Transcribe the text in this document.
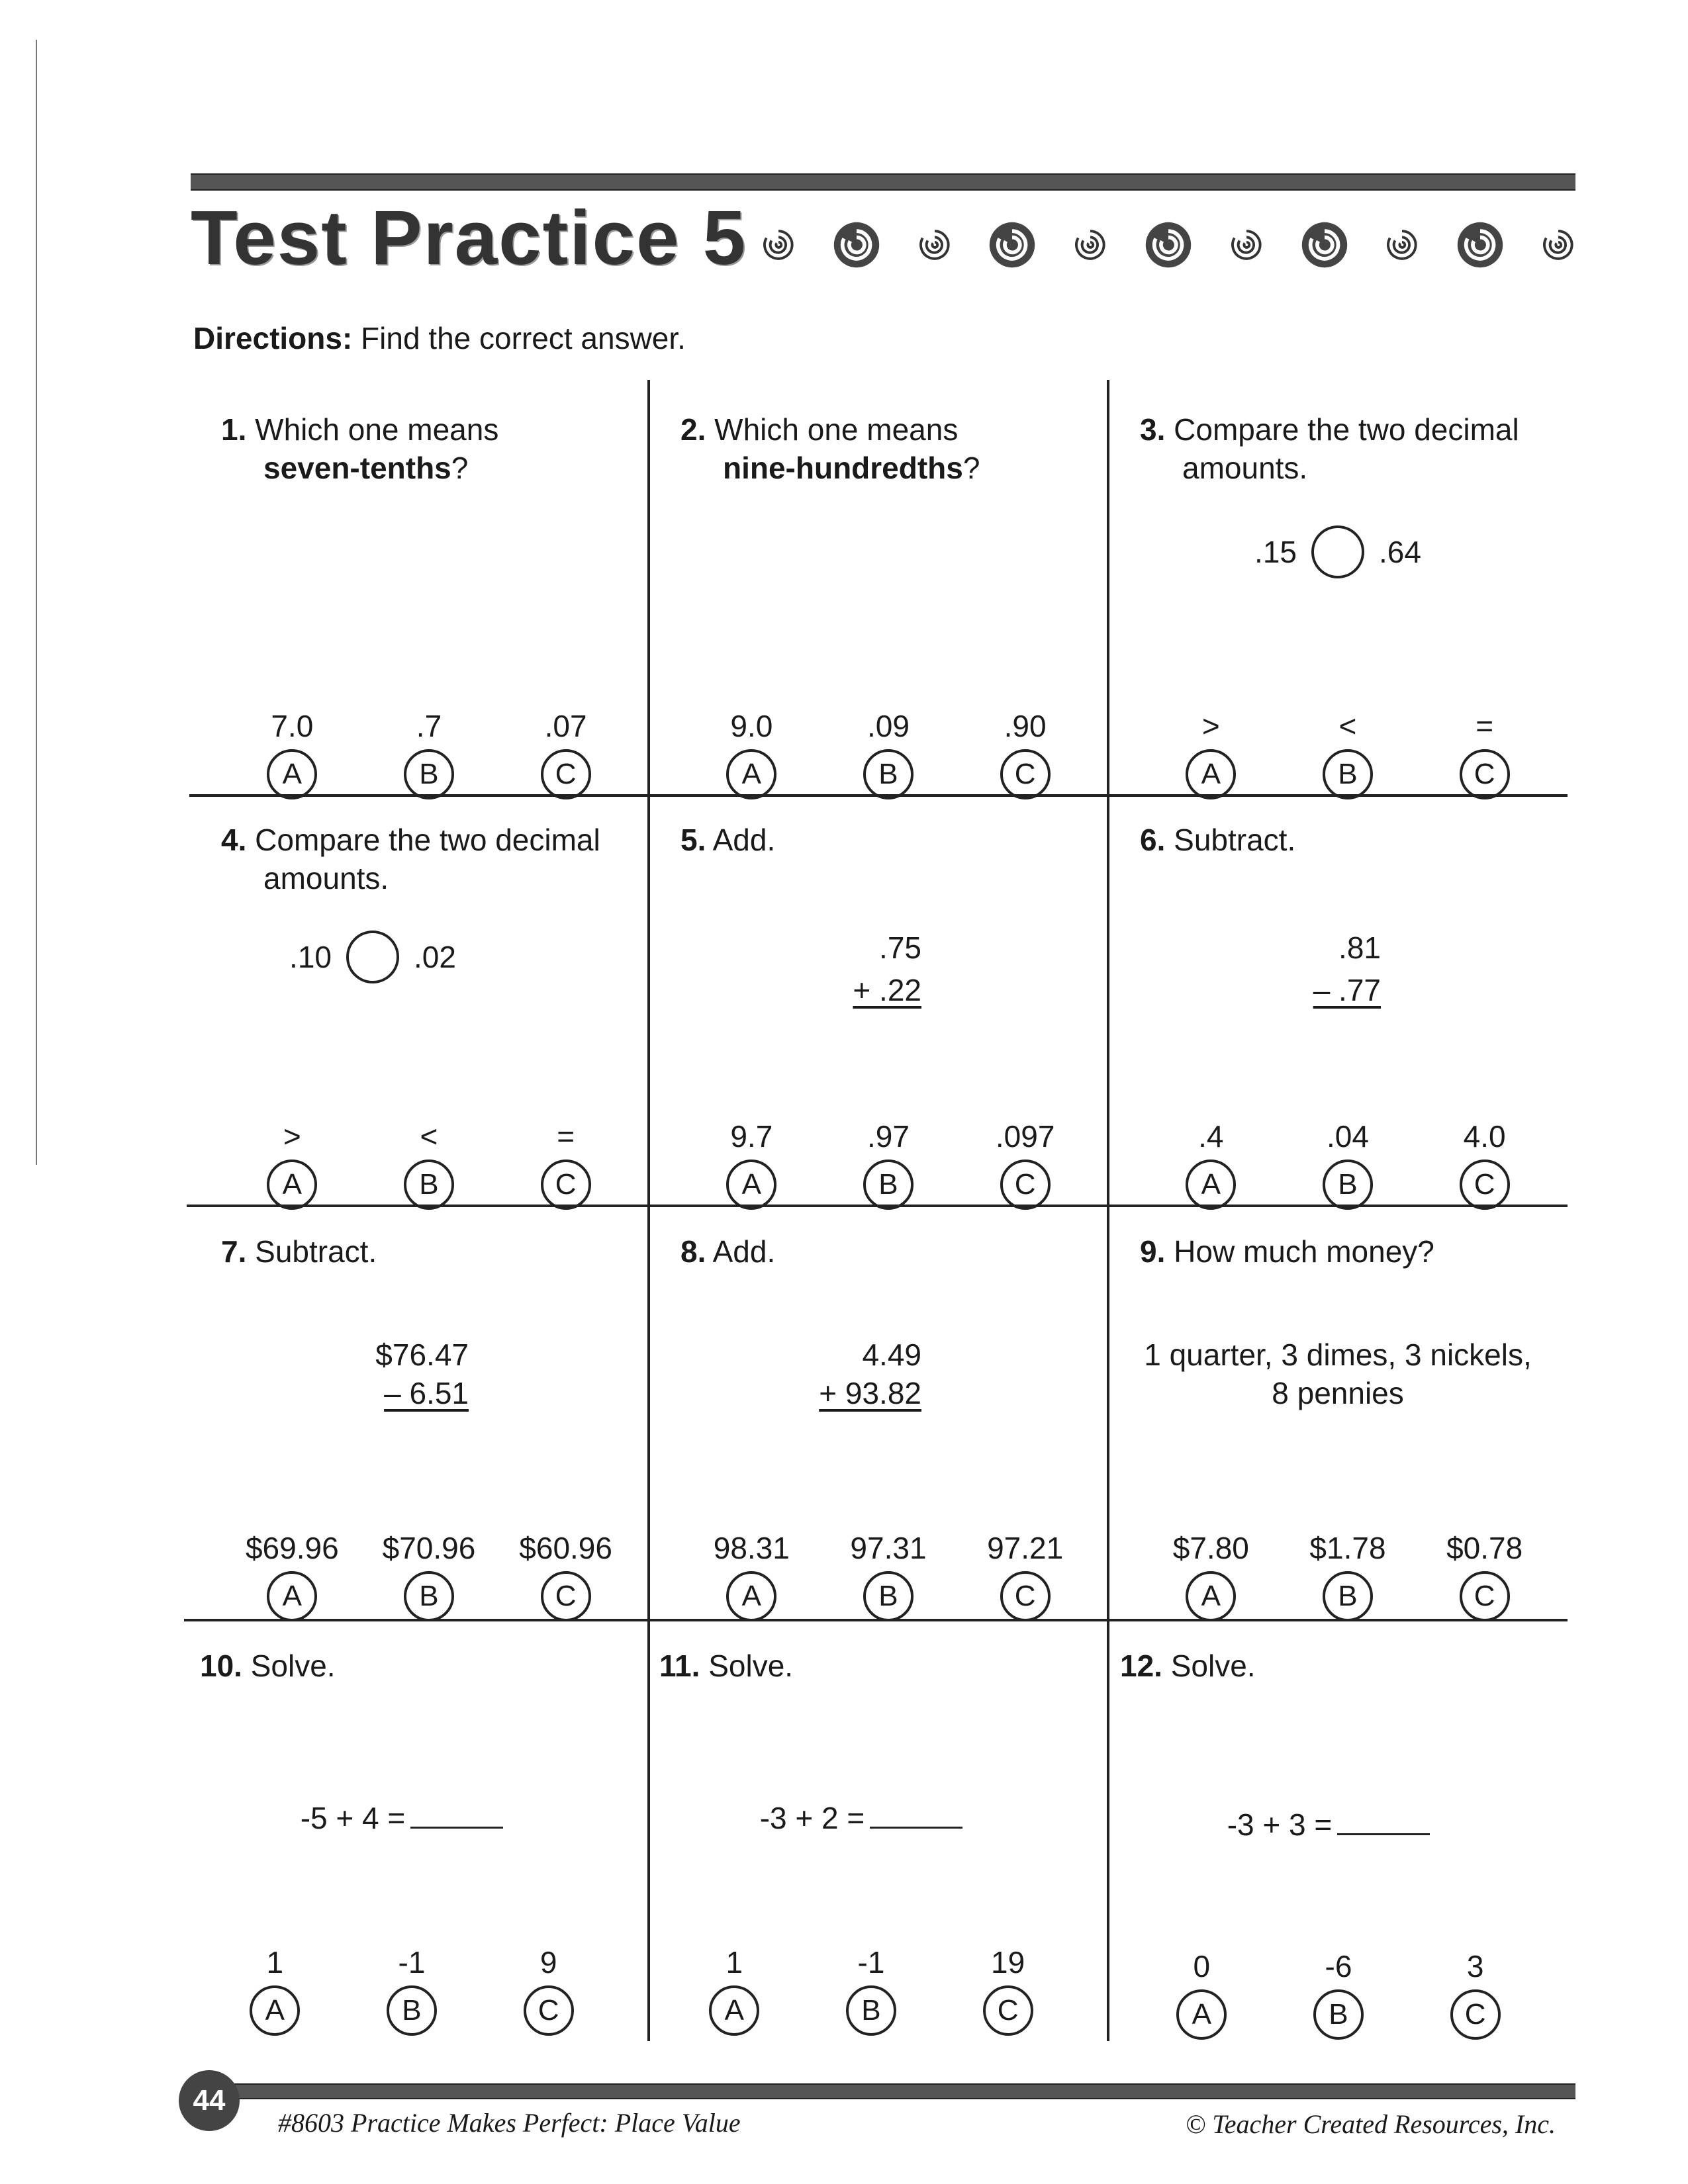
Test Practice 5
Directions: Find the correct answer.
1. Which one means
seven-tenths?
7.0
A
.7
B
.07
C
2. Which one means
nine-hundredths?
9.0
A
.09
B
.90
C
3. Compare the two decimal
amounts.
.15	.64
>
A
<
B
=
C
4. Compare the two decimal
amounts.
.10	.02
>
A
<
B
=
C
5. Add.
.75
+ .22
9.7
A
.97
B
.097
C
6. Subtract.
.81
– .77
.4
A
.04
B
4.0
C
7. Subtract.
$76.47
– 6.51
$69.96
A
$70.96
B
$60.96
C
8. Add.
4.49
+ 93.82
98.31
A
97.31
B
97.21
C
9. How much money?
1 quarter, 3 dimes, 3 nickels,
8 pennies
$7.80
A
$1.78
B
$0.78
C
10. Solve.
-5 + 4 =
1
A
-1
B
9
C
11. Solve.
-3 + 2 =
1
A
-1
B
19
C
12. Solve.
-3 + 3 =
0
A
-6
B
3
C
44
#8603 Practice Makes Perfect: Place Value	© Teacher Created Resources, Inc.
